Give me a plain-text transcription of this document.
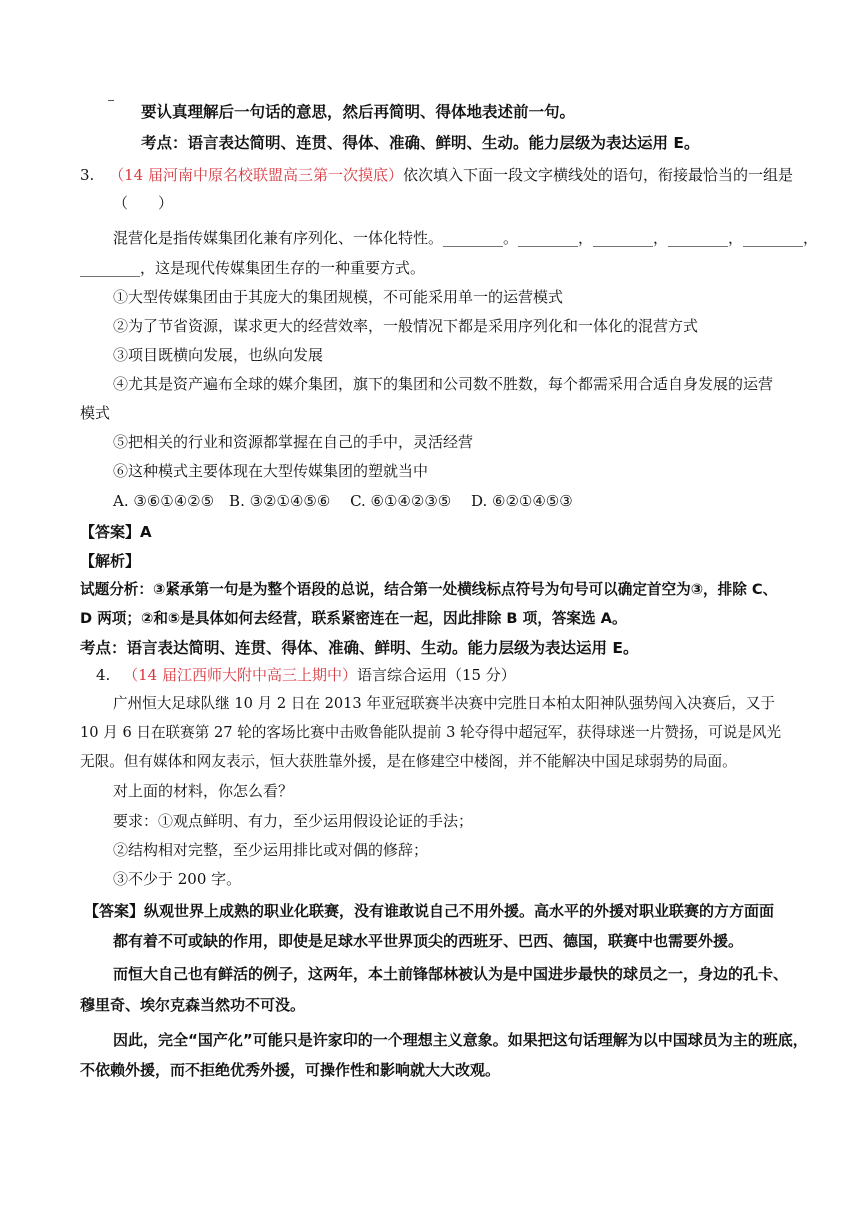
要认真理解后一句话的意思，然后再简明、得体地表述前一句。
考点：语言表达简明、连贯、得体、准确、鲜明、生动。能力层级为表达运用 E。
3. （14 届河南中原名校联盟高三第一次摸底）依次填入下面一段文字横线处的语句，衔接最恰当的一组是
（　　）
混营化是指传媒集团化兼有序列化、一体化特性。________。________，________，________，________，
________，这是现代传媒集团生存的一种重要方式。
①大型传媒集团由于其庞大的集团规模，不可能采用单一的运营模式
②为了节省资源，谋求更大的经营效率，一般情况下都是采用序列化和一体化的混营方式
③项目既横向发展，也纵向发展
④尤其是资产遍布全球的媒介集团，旗下的集团和公司数不胜数，每个都需采用合适自身发展的运营
模式
⑤把相关的行业和资源都掌握在自己的手中，灵活经营
⑥这种模式主要体现在大型传媒集团的塑就当中
A. ③⑥①④②⑤　B. ③②①④⑤⑥　 C. ⑥①④②③⑤　 D. ⑥②①④⑤③
【答案】A
【解析】
试题分析：③紧承第一句是为整个语段的总说，结合第一处横线标点符号为句号可以确定首空为③，排除 C、
D 两项；②和⑤是具体如何去经营，联系紧密连在一起，因此排除 B 项，答案选 A。
考点：语言表达简明、连贯、得体、准确、鲜明、生动。能力层级为表达运用 E。
4. （14 届江西师大附中高三上期中）语言综合运用（15 分）
广州恒大足球队继 10 月 2 日在 2013 年亚冠联赛半决赛中完胜日本柏太阳神队强势闯入决赛后，又于
10 月 6 日在联赛第 27 轮的客场比赛中击败鲁能队提前 3 轮夺得中超冠军，获得球迷一片赞扬，可说是风光
无限。但有媒体和网友表示，恒大获胜靠外援，是在修建空中楼阁，并不能解决中国足球弱势的局面。
对上面的材料，你怎么看？
要求：①观点鲜明、有力，至少运用假设论证的手法；
②结构相对完整，至少运用排比或对偶的修辞；
③不少于 200 字。
【答案】纵观世界上成熟的职业化联赛，没有谁敢说自己不用外援。高水平的外援对职业联赛的方方面面
都有着不可或缺的作用，即使是足球水平世界顶尖的西班牙、巴西、德国，联赛中也需要外援。
而恒大自己也有鲜活的例子，这两年，本土前锋郜林被认为是中国进步最快的球员之一，身边的孔卡、
穆里奇、埃尔克森当然功不可没。
因此，完全“国产化”可能只是许家印的一个理想主义意象。如果把这句话理解为以中国球员为主的班底，
不依赖外援，而不拒绝优秀外援，可操作性和影响就大大改观。
